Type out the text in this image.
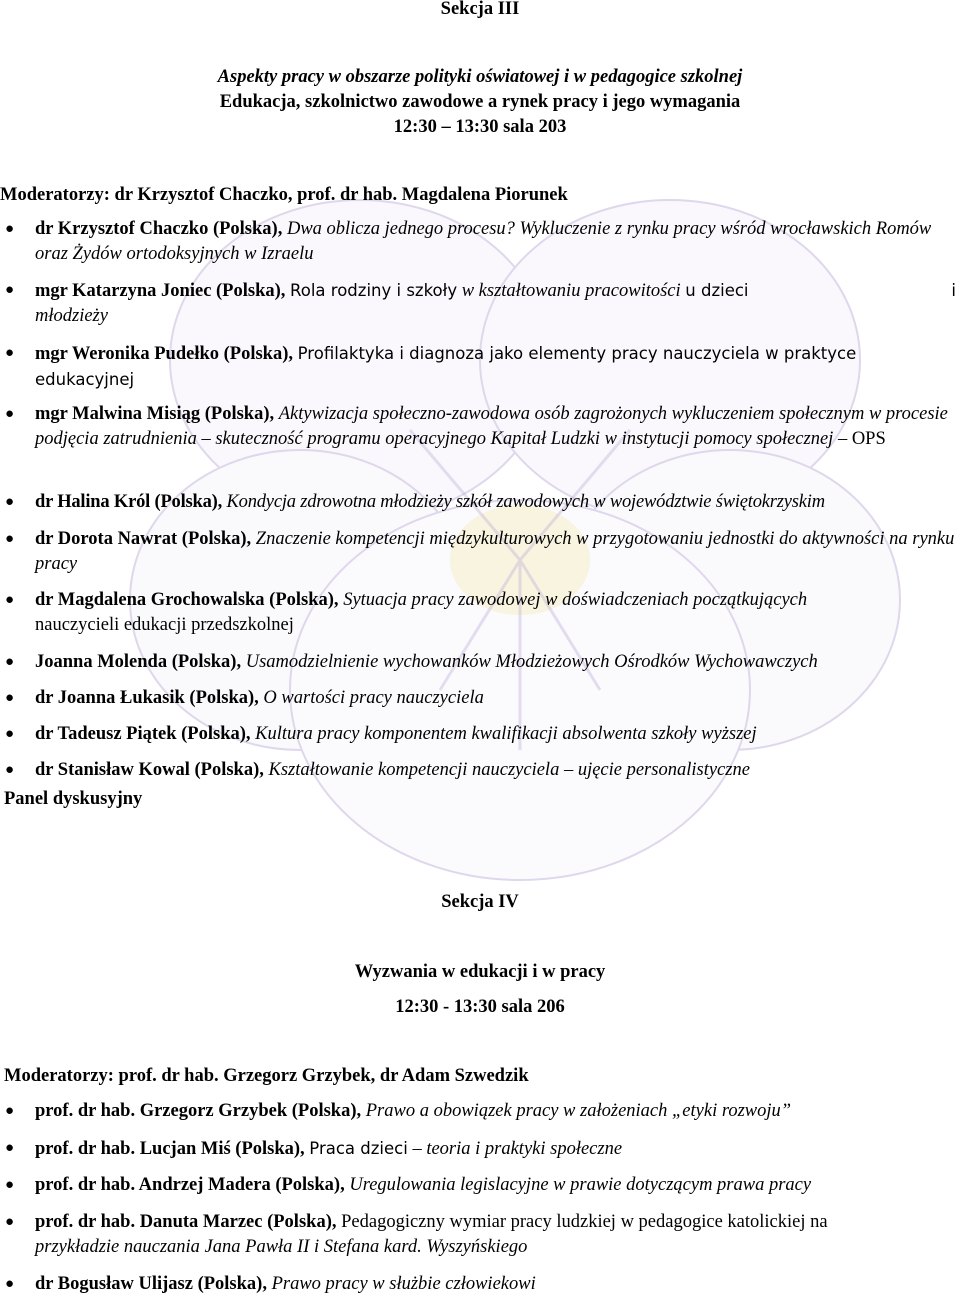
Sekcja III
Aspekty pracy w obszarze polityki oświatowej i w pedagogice szkolnej
Edukacja, szkolnictwo zawodowe a rynek pracy i jego wymagania
12:30 – 13:30 sala 203
Moderatorzy: dr Krzysztof Chaczko, prof. dr hab. Magdalena Piorunek
● dr Krzysztof Chaczko (Polska), Dwa oblicza jednego procesu? Wykluczenie z rynku pracy wśród wrocławskich Romów oraz Żydów ortodoksyjnych w Izraelu
● mgr Katarzyna Joniec (Polska), Rola rodziny i szkoły w kształtowaniu pracowitości u dzieci	i

młodzieży
● mgr Weronika Pudełko (Polska), Profilaktyka i diagnoza jako elementy pracy nauczyciela w praktyce edukacyjnej
● mgr Malwina Misiąg (Polska), Aktywizacja społeczno-zawodowa osób zagrożonych wykluczeniem społecznym w procesie podjęcia zatrudnienia – skuteczność programu operacyjnego Kapitał Ludzki w instytucji pomocy społecznej – OPS
● dr Halina Król (Polska), Kondycja zdrowotna młodzieży szkół zawodowych w województwie świętokrzyskim
● dr Dorota Nawrat (Polska), Znaczenie kompetencji międzykulturowych w przygotowaniu jednostki do aktywności na rynku pracy
● dr Magdalena Grochowalska (Polska), Sytuacja pracy zawodowej w doświadczeniach początkujących
nauczycieli edukacji przedszkolnej
● Joanna Molenda (Polska), Usamodzielnienie wychowanków Młodzieżowych Ośrodków Wychowawczych
● dr Joanna Łukasik (Polska), O wartości pracy nauczyciela
● dr Tadeusz Piątek (Polska), Kultura pracy komponentem kwalifikacji absolwenta szkoły wyższej
● dr Stanisław Kowal (Polska), Kształtowanie kompetencji nauczyciela – ujęcie personalistyczne
Panel dyskusyjny
Sekcja IV
Wyzwania w edukacji i w pracy
12:30 - 13:30 sala 206
Moderatorzy: prof. dr hab. Grzegorz Grzybek, dr Adam Szwedzik
● prof. dr hab. Grzegorz Grzybek (Polska), Prawo a obowiązek pracy w założeniach „etyki rozwoju”
● prof. dr hab. Lucjan Miś (Polska), Praca dzieci – teoria i praktyki społeczne
● prof. dr hab. Andrzej Madera (Polska), Uregulowania legislacyjne w prawie dotyczącym prawa pracy
● prof. dr hab. Danuta Marzec (Polska), Pedagogiczny wymiar pracy ludzkiej w pedagogice katolickiej na
przykładzie nauczania Jana Pawła II i Stefana kard. Wyszyńskiego
● dr Bogusław Ulijasz (Polska), Prawo pracy w służbie człowiekowi
